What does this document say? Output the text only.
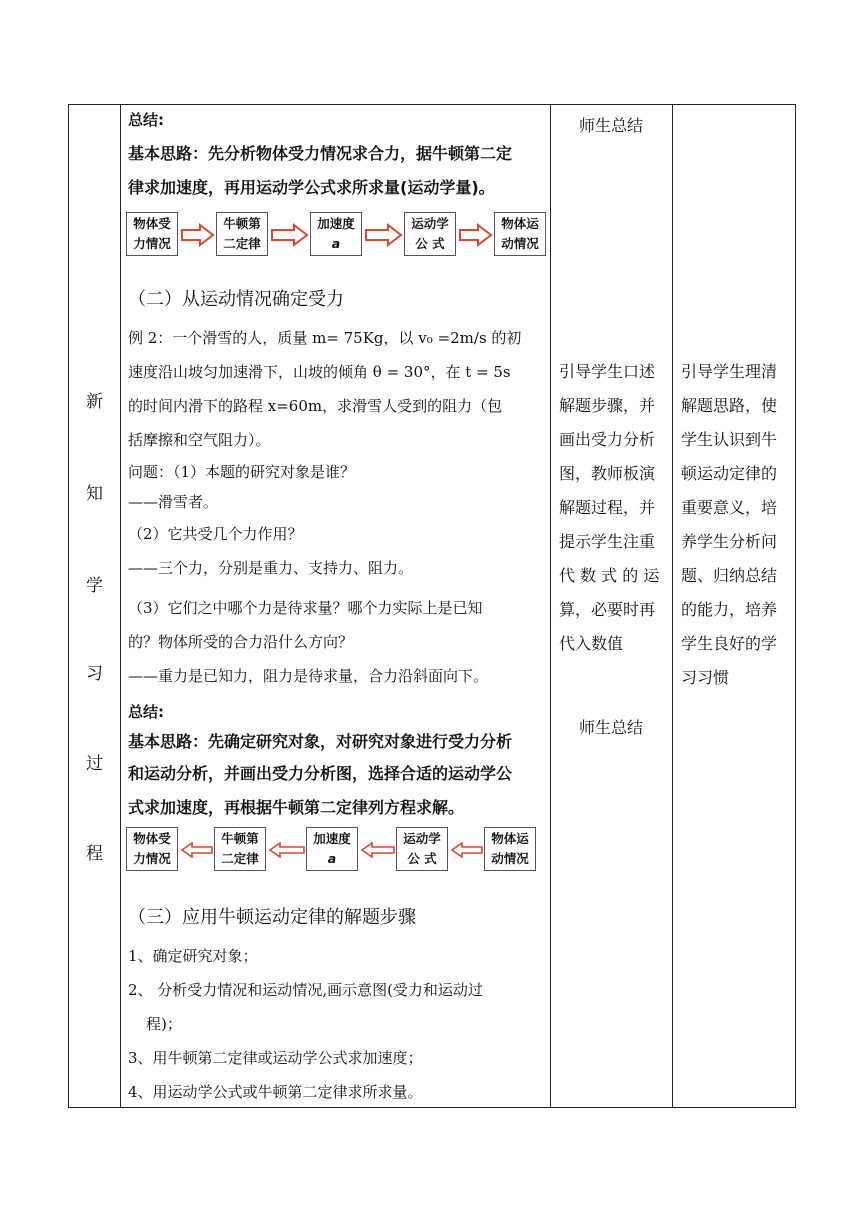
新
知
学
习
过
程
总结:
基本思路：先分析物体受力情况求合力，据牛顿第二定
律求加速度，再用运动学公式求所求量(运动学量)。
物体受
力情况
牛顿第
二定律
加速度
a
运动学
公 式
物体运
动情况
（二）从运动情况确定受力
例 2：一个滑雪的人，质量 m= 75Kg，以 v₀ =2m/s 的初
速度沿山坡匀加速滑下，山坡的倾角 θ = 30°，在 t = 5s
的时间内滑下的路程 x=60m，求滑雪人受到的阻力（包
括摩擦和空气阻力）。
问题：（1）本题的研究对象是谁？
——滑雪者。
（2）它共受几个力作用？
——三个力，分别是重力、支持力、阻力。
（3）它们之中哪个力是待求量？哪个力实际上是已知
的？物体所受的合力沿什么方向？
——重力是已知力，阻力是待求量，合力沿斜面向下。
总结:
基本思路：先确定研究对象，对研究对象进行受力分析
和运动分析，并画出受力分析图，选择合适的运动学公
式求加速度，再根据牛顿第二定律列方程求解。
物体受
力情况
牛顿第
二定律
加速度
a
运动学
公 式
物体运
动情况
（三）应用牛顿运动定律的解题步骤
1、确定研究对象；
2、 分析受力情况和运动情况,画示意图(受力和运动过
程)；
3、用牛顿第二定律或运动学公式求加速度；
4、用运动学公式或牛顿第二定律求所求量。
师生总结
引导学生口述
解题步骤，并
画出受力分析
图，教师板演
解题过程，并
提示学生注重
代 数 式 的 运
算，必要时再
代入数值
师生总结
引导学生理清
解题思路，使
学生认识到牛
顿运动定律的
重要意义，培
养学生分析问
题、归纳总结
的能力，培养
学生良好的学
习习惯
